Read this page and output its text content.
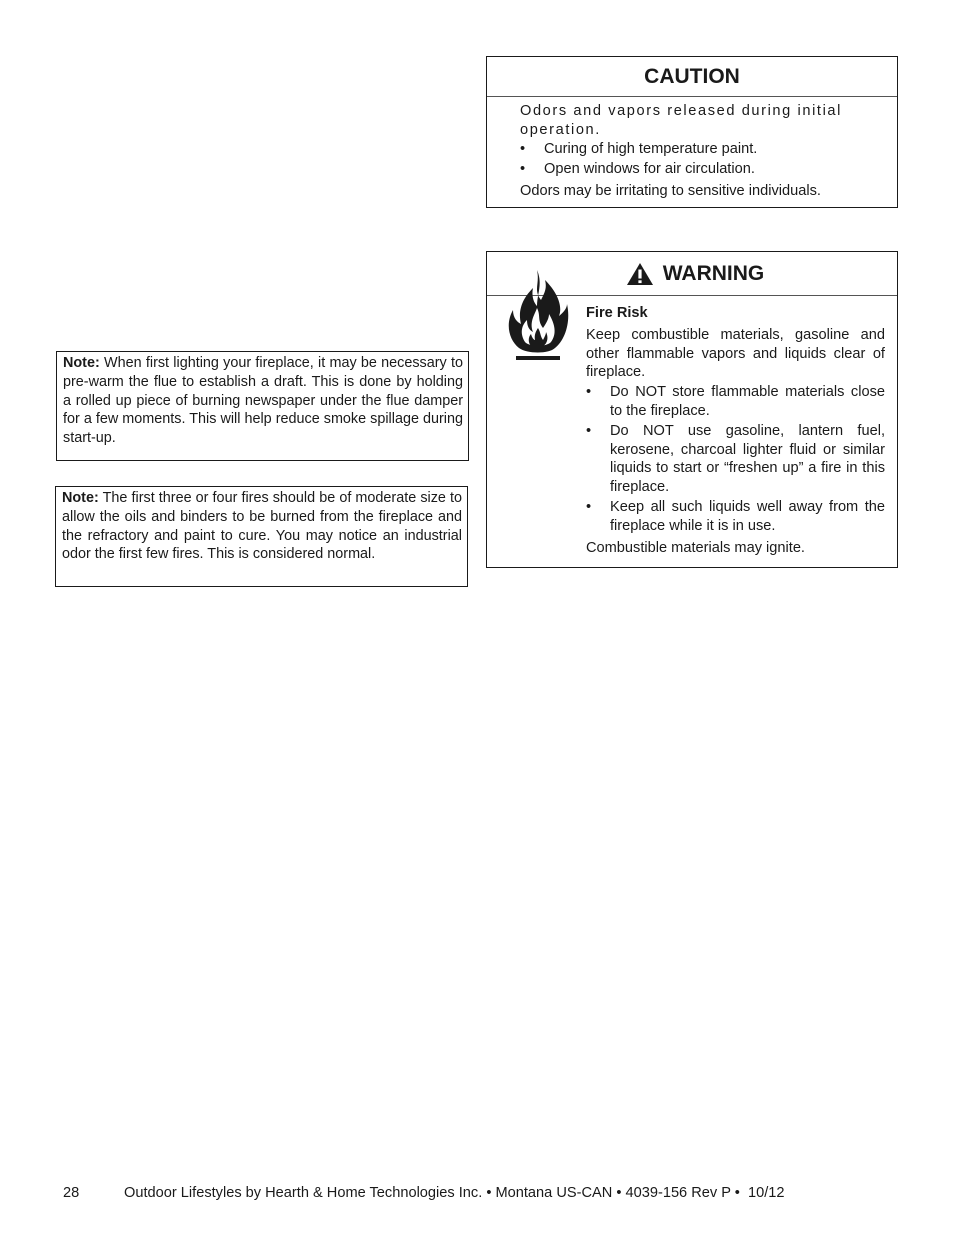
CAUTION
Odors and vapors released during initial operation.
•	Curing of high temperature paint.
•	Open windows for air circulation.
Odors may be irritating to sensitive individuals.
WARNING
Fire Risk
Keep combustible materials, gasoline and other flammable vapors and liquids clear of fireplace.
•	Do NOT store flammable materials close to the fireplace.
•	Do NOT use gasoline, lantern fuel, kerosene, charcoal lighter fluid or similar liquids to start or “freshen up” a fire in this fireplace.
•	Keep all such liquids well away from the fireplace while it is in use.
Combustible materials may ignite.
Note: When first lighting your fireplace, it may be necessary to pre-warm the flue to establish a draft. This is done by holding a rolled up piece of burning newspaper under the flue damper for a few moments. This will help reduce smoke spillage during start-up.
Note: The first three or four fires should be of moderate size to allow the oils and binders to be burned from the fireplace and the refractory and paint to cure. You may notice an industrial odor the first few fires. This is considered normal.
28	Outdoor Lifestyles by Hearth & Home Technologies Inc. • Montana US-CAN • 4039-156 Rev P •  10/12
